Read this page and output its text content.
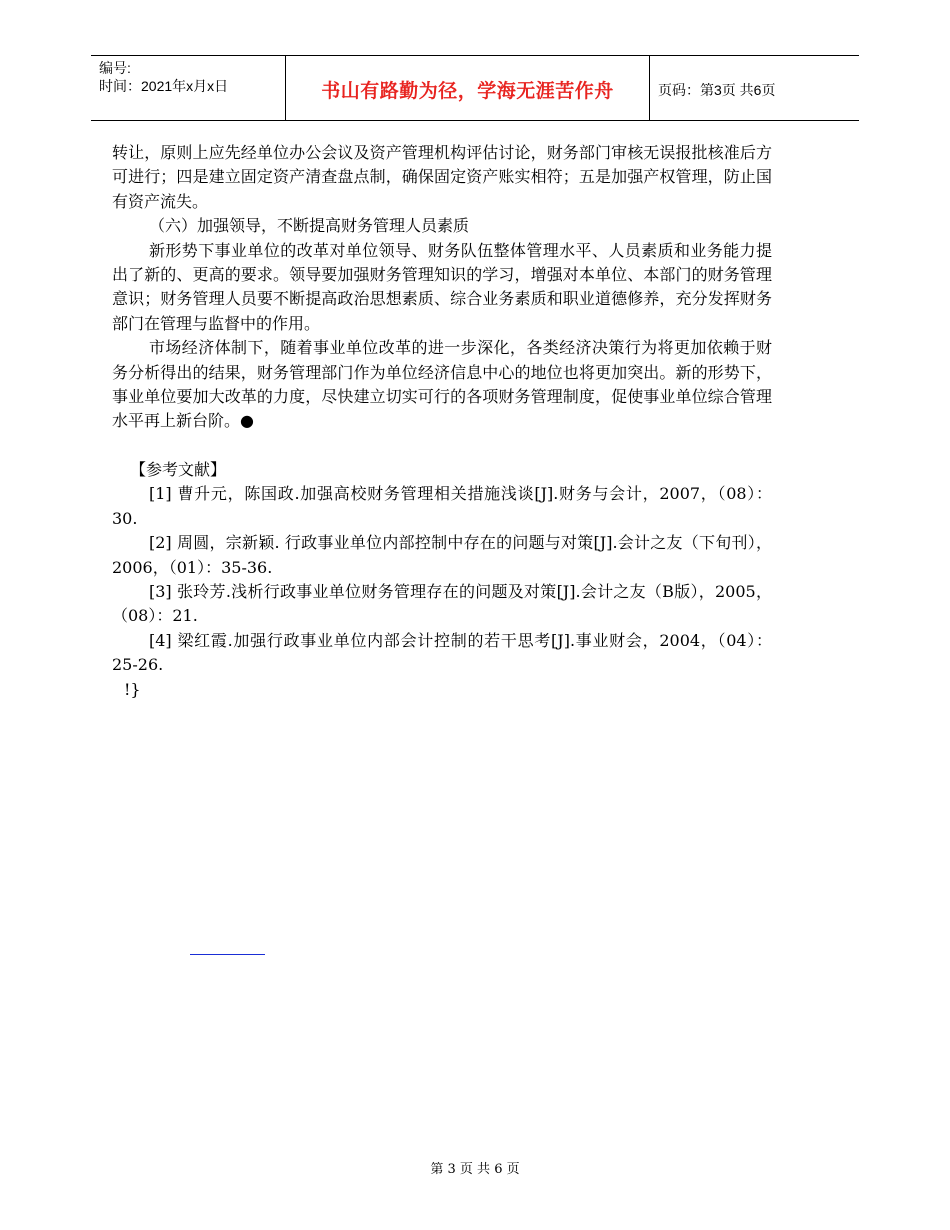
编号:
时间：2021年x月x日	书山有路勤为径，学海无涯苦作舟	页码：第3页 共6页

转让，原则上应先经单位办公会议及资产管理机构评估讨论，财务部门审核无误报批核准后方可进行；四是建立固定资产清查盘点制，确保固定资产账实相符；五是加强产权管理，防止国有资产流失。

（六）加强领导，不断提高财务管理人员素质

新形势下事业单位的改革对单位领导、财务队伍整体管理水平、人员素质和业务能力提出了新的、更高的要求。领导要加强财务管理知识的学习，增强对本单位、本部门的财务管理意识；财务管理人员要不断提高政治思想素质、综合业务素质和职业道德修养，充分发挥财务部门在管理与监督中的作用。

市场经济体制下，随着事业单位改革的进一步深化，各类经济决策行为将更加依赖于财务分析得出的结果，财务管理部门作为单位经济信息中心的地位也将更加突出。新的形势下，事业单位要加大改革的力度，尽快建立切实可行的各项财务管理制度，促使事业单位综合管理水平再上新台阶。●

【参考文献】

[1] 曹升元，陈国政.加强高校财务管理相关措施浅谈[J].财务与会计，2007，（08）：30.

[2] 周圆，宗新颖. 行政事业单位内部控制中存在的问题与对策[J].会计之友（下旬刊），2006，（01）：35-36.

[3] 张玲芳.浅析行政事业单位财务管理存在的问题及对策[J].会计之友（B版），2005，（08）：21.

[4] 梁红霞.加强行政事业单位内部会计控制的若干思考[J].事业财会，2004，（04）：25-26.

!}

第 3 页 共 6 页
